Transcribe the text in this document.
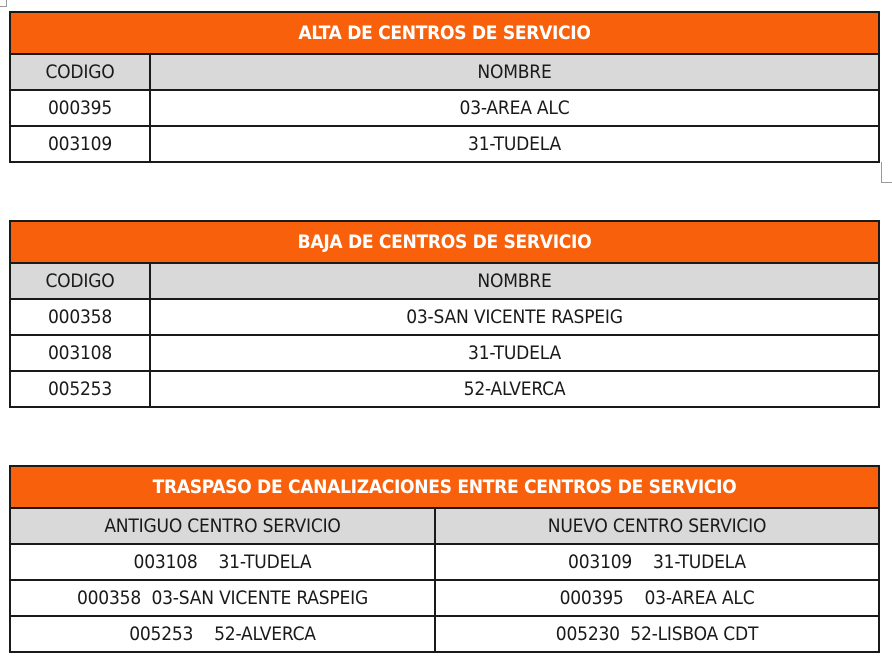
ALTA DE CENTROS DE SERVICIO	
CODIGO	NOMBRE
000395	03-AREA ALC
003109	31-TUDELA
BAJA DE CENTROS DE SERVICIO	
CODIGO	NOMBRE
000358	03-SAN VICENTE RASPEIG
003108	31-TUDELA
005253	52-ALVERCA
TRASPASO DE CANALIZACIONES ENTRE CENTROS DE SERVICIO	
ANTIGUO CENTRO SERVICIO	NUEVO CENTRO SERVICIO
003108    31-TUDELA	003109    31-TUDELA
000358  03-SAN VICENTE RASPEIG	000395    03-AREA ALC
005253    52-ALVERCA	005230  52-LISBOA CDT
